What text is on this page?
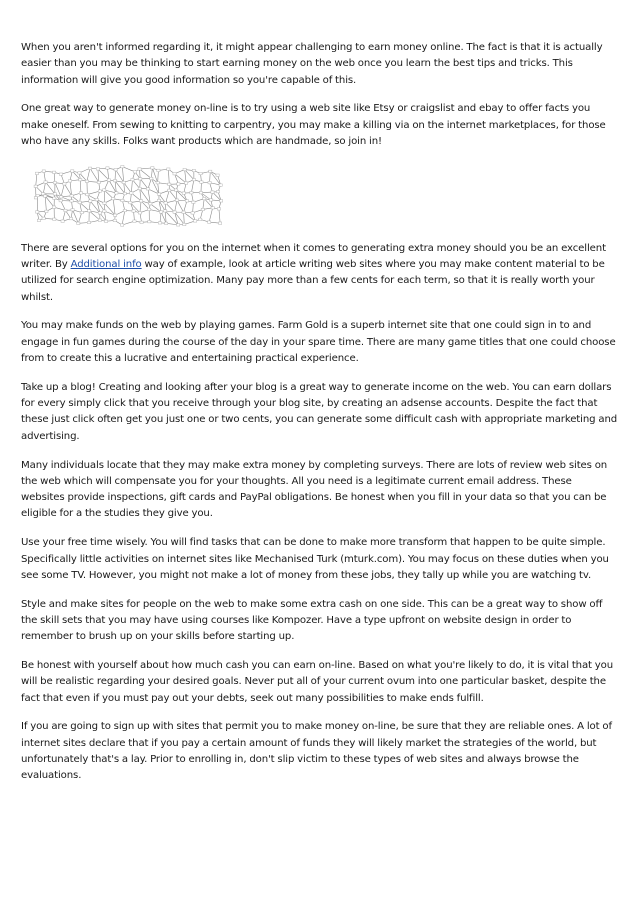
When you aren't informed regarding it, it might appear challenging to earn money online. The fact is that it is actually easier than you may be thinking to start earning money on the web once you learn the best tips and tricks. This information will give you good information so you're capable of this.

One great way to generate money on-line is to try using a web site like Etsy or craigslist and ebay to offer facts you make oneself. From sewing to knitting to carpentry, you may make a killing via on the internet marketplaces, for those who have any skills. Folks want products which are handmade, so join in!

There are several options for you on the internet when it comes to generating extra money should you be an excellent writer. By Additional info way of example, look at article writing web sites where you may make content material to be utilized for search engine optimization. Many pay more than a few cents for each term, so that it is really worth your whilst.

You may make funds on the web by playing games. Farm Gold is a superb internet site that one could sign in to and engage in fun games during the course of the day in your spare time. There are many game titles that one could choose from to create this a lucrative and entertaining practical experience.

Take up a blog! Creating and looking after your blog is a great way to generate income on the web. You can earn dollars for every simply click that you receive through your blog site, by creating an adsense accounts. Despite the fact that these just click often get you just one or two cents, you can generate some difficult cash with appropriate marketing and advertising.

Many individuals locate that they may make extra money by completing surveys. There are lots of review web sites on the web which will compensate you for your thoughts. All you need is a legitimate current email address. These websites provide inspections, gift cards and PayPal obligations. Be honest when you fill in your data so that you can be eligible for a the studies they give you.

Use your free time wisely. You will find tasks that can be done to make more transform that happen to be quite simple. Specifically little activities on internet sites like Mechanised Turk (mturk.com). You may focus on these duties when you see some TV. However, you might not make a lot of money from these jobs, they tally up while you are watching tv.

Style and make sites for people on the web to make some extra cash on one side. This can be a great way to show off the skill sets that you may have using courses like Kompozer. Have a type upfront on website design in order to remember to brush up on your skills before starting up.

Be honest with yourself about how much cash you can earn on-line. Based on what you're likely to do, it is vital that you will be realistic regarding your desired goals. Never put all of your current ovum into one particular basket, despite the fact that even if you must pay out your debts, seek out many possibilities to make ends fulfill.

If you are going to sign up with sites that permit you to make money on-line, be sure that they are reliable ones. A lot of internet sites declare that if you pay a certain amount of funds they will likely market the strategies of the world, but unfortunately that's a lay. Prior to enrolling in, don't slip victim to these types of web sites and always browse the evaluations.
